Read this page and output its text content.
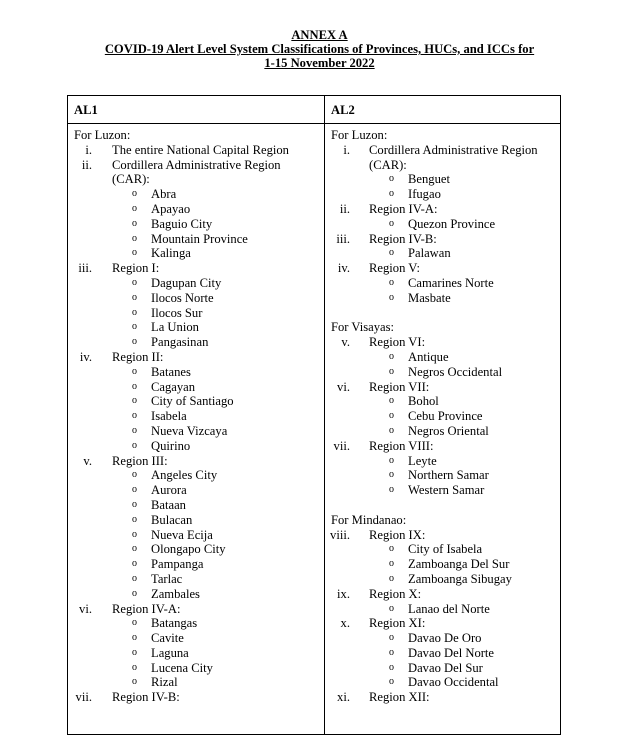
ANNEX A
COVID-19 Alert Level System Classifications of Provinces, HUCs, and ICCs for
1-15 November 2022
AL1	AL2
For Luzon:
i. The entire National Capital Region
ii. Cordillera Administrative Region
(CAR):
o Abra
o Apayao
o Baguio City
o Mountain Province
o Kalinga
iii. Region I:
o Dagupan City
o Ilocos Norte
o Ilocos Sur
o La Union
o Pangasinan
iv. Region II:
o Batanes
o Cagayan
o City of Santiago
o Isabela
o Nueva Vizcaya
o Quirino
v. Region III:
o Angeles City
o Aurora
o Bataan
o Bulacan
o Nueva Ecija
o Olongapo City
o Pampanga
o Tarlac
o Zambales
vi. Region IV-A:
o Batangas
o Cavite
o Laguna
o Lucena City
o Rizal
vii. Region IV-B:
For Luzon:
i. Cordillera Administrative Region
(CAR):
o Benguet
o Ifugao
ii. Region IV-A:
o Quezon Province
iii. Region IV-B:
o Palawan
iv. Region V:
o Camarines Norte
o Masbate
For Visayas:
v. Region VI:
o Antique
o Negros Occidental
vi. Region VII:
o Bohol
o Cebu Province
o Negros Oriental
vii. Region VIII:
o Leyte
o Northern Samar
o Western Samar
For Mindanao:
viii. Region IX:
o City of Isabela
o Zamboanga Del Sur
o Zamboanga Sibugay
ix. Region X:
o Lanao del Norte
x. Region XI:
o Davao De Oro
o Davao Del Norte
o Davao Del Sur
o Davao Occidental
xi. Region XII:
